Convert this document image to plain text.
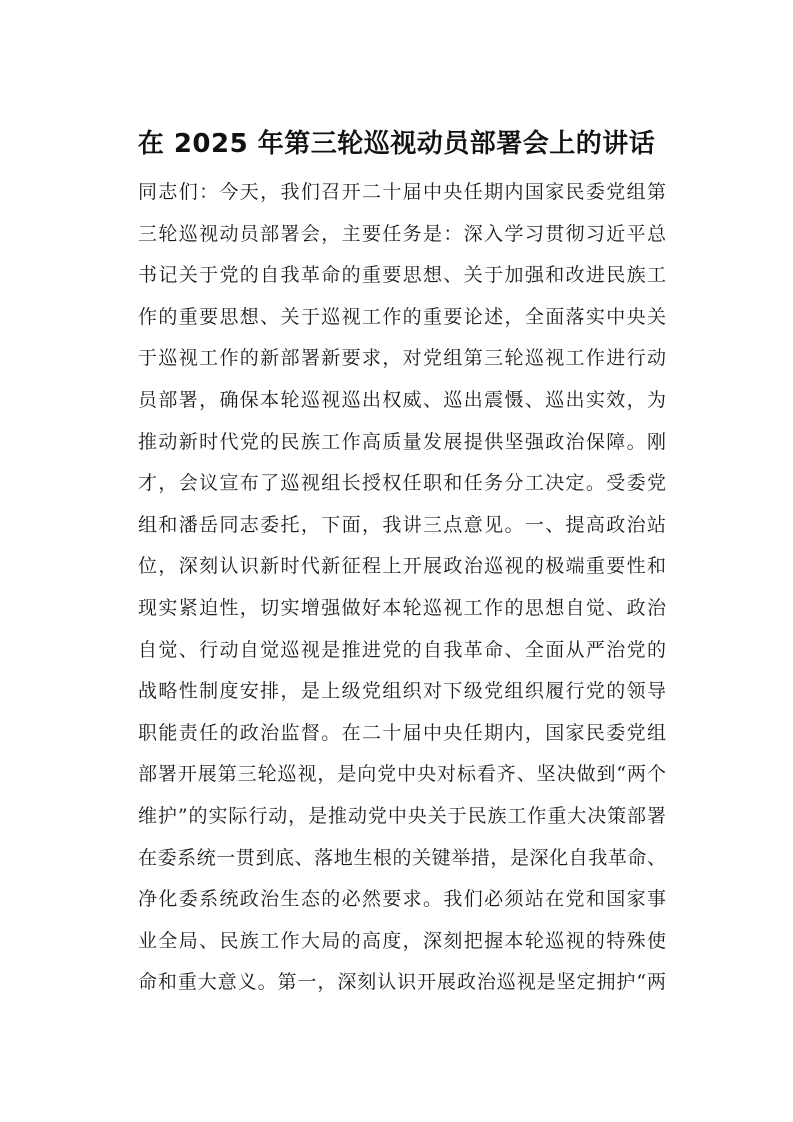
在 2025 年第三轮巡视动员部署会上的讲话
同志们：今天，我们召开二十届中央任期内国家民委党组第
三轮巡视动员部署会，主要任务是：深入学习贯彻习近平总
书记关于党的自我革命的重要思想、关于加强和改进民族工
作的重要思想、关于巡视工作的重要论述，全面落实中央关
于巡视工作的新部署新要求，对党组第三轮巡视工作进行动
员部署，确保本轮巡视巡出权威、巡出震慑、巡出实效，为
推动新时代党的民族工作高质量发展提供坚强政治保障。刚
才，会议宣布了巡视组长授权任职和任务分工决定。受委党
组和潘岳同志委托，下面，我讲三点意见。一、提高政治站
位，深刻认识新时代新征程上开展政治巡视的极端重要性和
现实紧迫性，切实增强做好本轮巡视工作的思想自觉、政治
自觉、行动自觉巡视是推进党的自我革命、全面从严治党的
战略性制度安排，是上级党组织对下级党组织履行党的领导
职能责任的政治监督。在二十届中央任期内，国家民委党组
部署开展第三轮巡视，是向党中央对标看齐、坚决做到“两个
维护”的实际行动，是推动党中央关于民族工作重大决策部署
在委系统一贯到底、落地生根的关键举措，是深化自我革命、
净化委系统政治生态的必然要求。我们必须站在党和国家事
业全局、民族工作大局的高度，深刻把握本轮巡视的特殊使
命和重大意义。第一，深刻认识开展政治巡视是坚定拥护“两
